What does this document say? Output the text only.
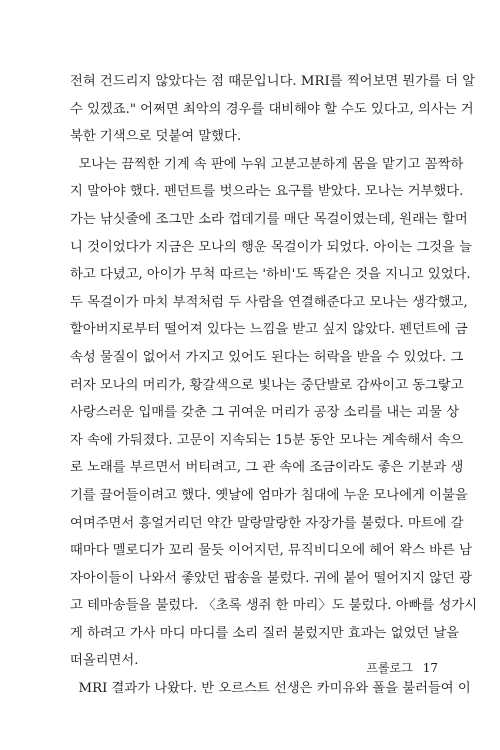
전혀 건드리지 않았다는 점 때문입니다. MRI를 찍어보면 뭔가를 더 알
수 있겠죠." 어쩌면 최악의 경우를 대비해야 할 수도 있다고, 의사는 거
북한 기색으로 덧붙여 말했다.
모나는 끔찍한 기계 속 판에 누워 고분고분하게 몸을 맡기고 꼼짝하
지 말아야 했다. 펜던트를 벗으라는 요구를 받았다. 모나는 거부했다.
가는 낚싯줄에 조그만 소라 껍데기를 매단 목걸이였는데, 원래는 할머
니 것이었다가 지금은 모나의 행운 목걸이가 되었다. 아이는 그것을 늘
하고 다녔고, 아이가 무척 따르는 '하비'도 똑같은 것을 지니고 있었다.
두 목걸이가 마치 부적처럼 두 사람을 연결해준다고 모나는 생각했고,
할아버지로부터 떨어져 있다는 느낌을 받고 싶지 않았다. 펜던트에 금
속성 물질이 없어서 가지고 있어도 된다는 허락을 받을 수 있었다. 그
러자 모나의 머리가, 황갈색으로 빛나는 중단발로 감싸이고 동그랗고
사랑스러운 입매를 갖춘 그 귀여운 머리가 공장 소리를 내는 괴물 상
자 속에 가둬졌다. 고문이 지속되는 15분 동안 모나는 계속해서 속으
로 노래를 부르면서 버티려고, 그 관 속에 조금이라도 좋은 기분과 생
기를 끌어들이려고 했다. 옛날에 엄마가 침대에 누운 모나에게 이불을
여며주면서 흥얼거리던 약간 말랑말랑한 자장가를 불렀다. 마트에 갈
때마다 멜로디가 꼬리 물듯 이어지던, 뮤직비디오에 헤어 왁스 바른 남
자아이들이 나와서 좋았던 팝송을 불렀다. 귀에 붙어 떨어지지 않던 광
고 테마송들을 불렀다. 〈초록 생쥐 한 마리〉도 불렀다. 아빠를 성가시
게 하려고 가사 마디 마디를 소리 질러 불렀지만 효과는 없었던 날을
떠올리면서.
MRI 결과가 나왔다. 반 오르스트 선생은 카미유와 폴을 불러들여 이
프롤로그 17
